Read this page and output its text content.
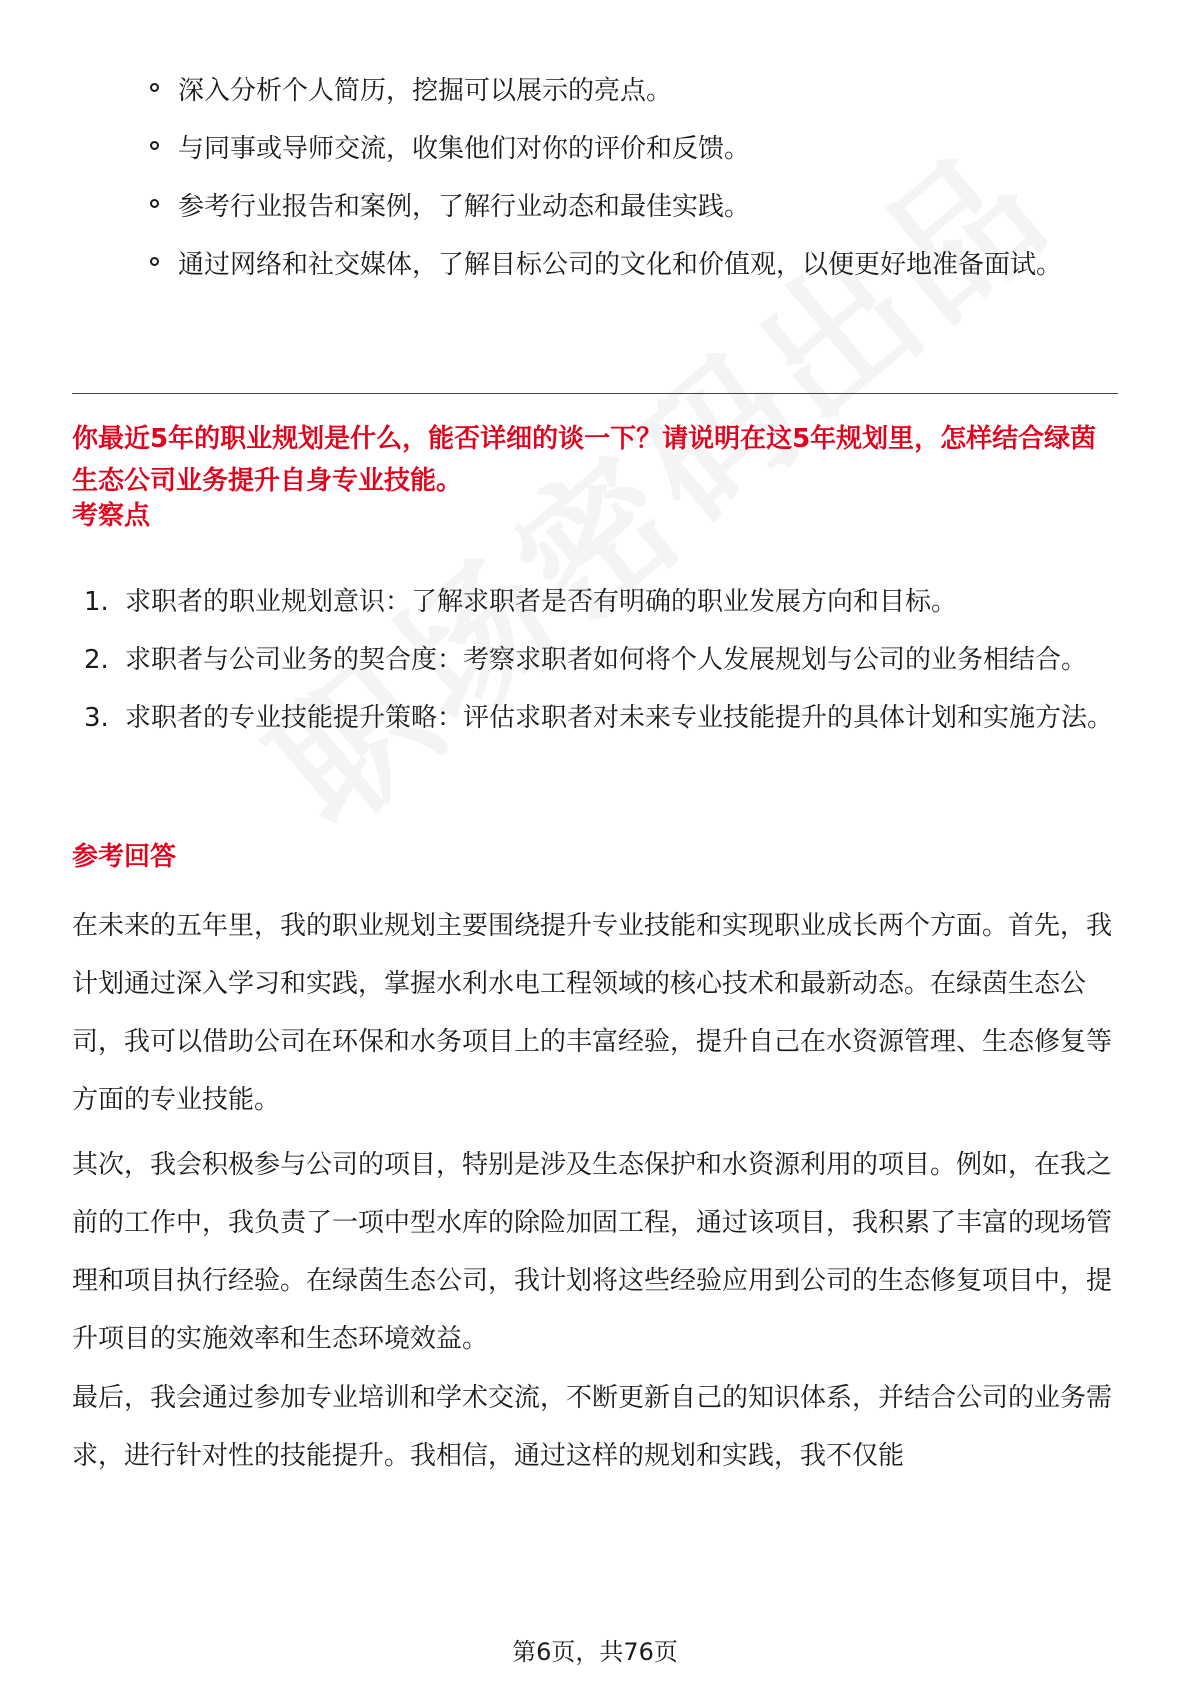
深入分析个人简历，挖掘可以展示的亮点。
与同事或导师交流，收集他们对你的评价和反馈。
参考行业报告和案例，了解行业动态和最佳实践。
通过网络和社交媒体，了解目标公司的文化和价值观，以便更好地准备面试。

你最近5年的职业规划是什么，能否详细的谈一下？请说明在这5年规划里，怎样结合绿茵生态公司业务提升自身专业技能。

考察点
1. 求职者的职业规划意识：了解求职者是否有明确的职业发展方向和目标。
2. 求职者与公司业务的契合度：考察求职者如何将个人发展规划与公司的业务相结合。
3. 求职者的专业技能提升策略：评估求职者对未来专业技能提升的具体计划和实施方法。
参考回答

在未来的五年里，我的职业规划主要围绕提升专业技能和实现职业成长两个方面。首先，我计划通过深入学习和实践，掌握水利水电工程领域的核心技术和最新动态。在绿茵生态公司，我可以借助公司在环保和水务项目上的丰富经验，提升自己在水资源管理、生态修复等方面的专业技能。

其次，我会积极参与公司的项目，特别是涉及生态保护和水资源利用的项目。例如，在我之前的工作中，我负责了一项中型水库的除险加固工程，通过该项目，我积累了丰富的现场管理和项目执行经验。在绿茵生态公司，我计划将这些经验应用到公司的生态修复项目中，提升项目的实施效率和生态环境效益。

最后，我会通过参加专业培训和学术交流，不断更新自己的知识体系，并结合公司的业务需求，进行针对性的技能提升。我相信，通过这样的规划和实践，我不仅能

第6页，共76页
